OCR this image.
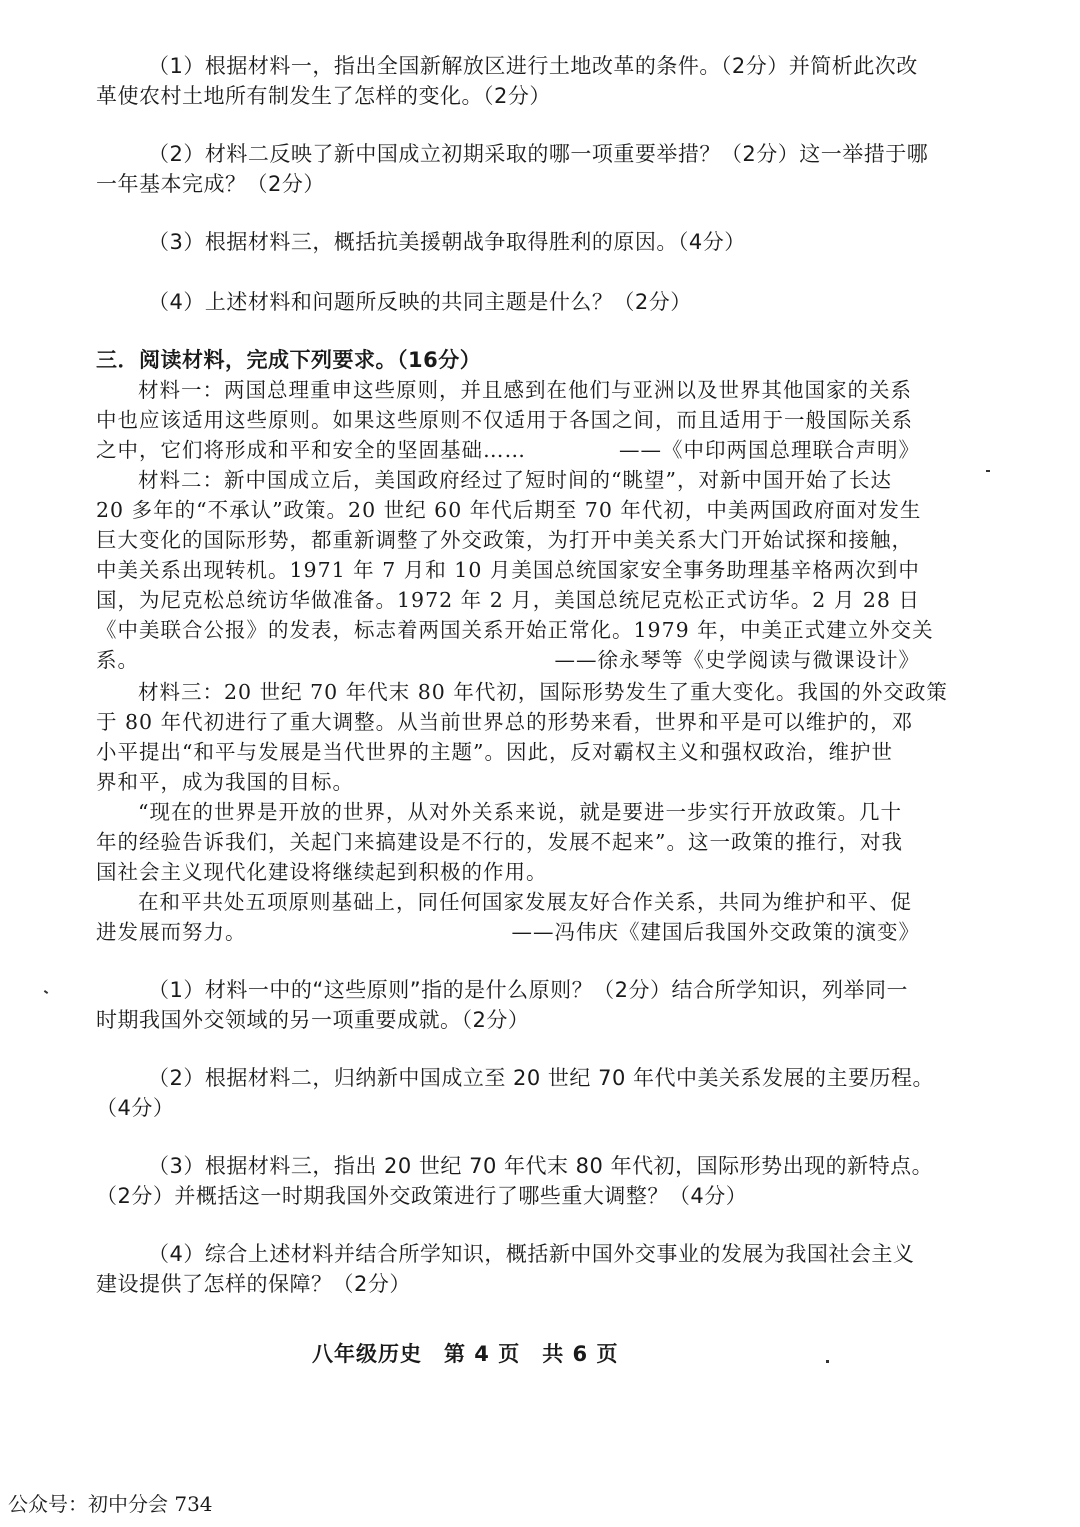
（1）根据材料一，指出全国新解放区进行土地改革的条件。（2分）并简析此次改
革使农村土地所有制发生了怎样的变化。（2分）
（2）材料二反映了新中国成立初期采取的哪一项重要举措？（2分）这一举措于哪
一年基本完成？（2分）
（3）根据材料三，概括抗美援朝战争取得胜利的原因。（4分）
（4）上述材料和问题所反映的共同主题是什么？（2分）
三．阅读材料，完成下列要求。（16分）
材料一：两国总理重申这些原则，并且感到在他们与亚洲以及世界其他国家的关系
中也应该适用这些原则。如果这些原则不仅适用于各国之间，而且适用于一般国际关系
之中，它们将形成和平和安全的坚固基础……	——《中印两国总理联合声明》
材料二：新中国成立后，美国政府经过了短时间的“眺望”，对新中国开始了长达
20 多年的“不承认”政策。20 世纪 60 年代后期至 70 年代初，中美两国政府面对发生
巨大变化的国际形势，都重新调整了外交政策，为打开中美关系大门开始试探和接触，
中美关系出现转机。1971 年 7 月和 10 月美国总统国家安全事务助理基辛格两次到中
国，为尼克松总统访华做准备。1972 年 2 月，美国总统尼克松正式访华。2 月 28 日
《中美联合公报》的发表，标志着两国关系开始正常化。1979 年，中美正式建立外交关
系。	——徐永琴等《史学阅读与微课设计》
材料三：20 世纪 70 年代末 80 年代初，国际形势发生了重大变化。我国的外交政策
于 80 年代初进行了重大调整。从当前世界总的形势来看，世界和平是可以维护的，邓
小平提出“和平与发展是当代世界的主题”。因此，反对霸权主义和强权政治，维护世
界和平，成为我国的目标。
“现在的世界是开放的世界，从对外关系来说，就是要进一步实行开放政策。几十
年的经验告诉我们，关起门来搞建设是不行的，发展不起来”。这一政策的推行，对我
国社会主义现代化建设将继续起到积极的作用。
在和平共处五项原则基础上，同任何国家发展友好合作关系，共同为维护和平、促
进发展而努力。	——冯伟庆《建国后我国外交政策的演变》
（1）材料一中的“这些原则”指的是什么原则？（2分）结合所学知识，列举同一
时期我国外交领域的另一项重要成就。（2分）
（2）根据材料二，归纳新中国成立至 20 世纪 70 年代中美关系发展的主要历程。
（4分）
（3）根据材料三，指出 20 世纪 70 年代末 80 年代初，国际形势出现的新特点。
（2分）并概括这一时期我国外交政策进行了哪些重大调整？（4分）
（4）综合上述材料并结合所学知识，概括新中国外交事业的发展为我国社会主义
建设提供了怎样的保障？（2分）
八年级历史　第 4 页　共 6 页
公众号：初中分会 734
